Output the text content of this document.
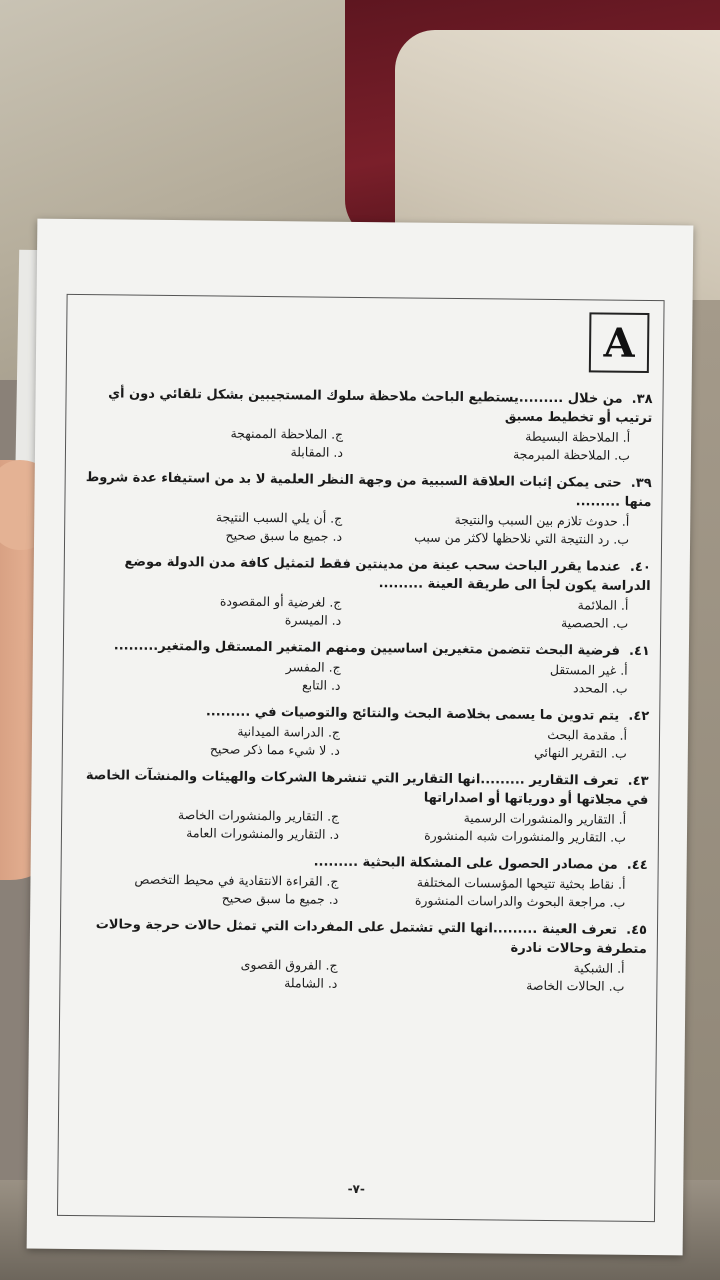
A
٣٨.من خلال .........يستطيع الباحث ملاحظة سلوك المستجيبين بشكل تلقائي دون أي ترتيب أو تخطيط مسبق
أ. الملاحظة البسيطة
ج. الملاحظة الممنهجة
ب. الملاحظة المبرمجة
د. المقابلة
٣٩.حتى يمكن إثبات العلاقة السببية من وجهة النظر العلمية لا بد من استيفاء عدة شروط منها .........
أ. حدوث تلازم بين السبب والنتيجة
ج. أن يلي السبب النتيجة
ب. رد النتيجة التي نلاحظها لاكثر من سبب
د. جميع ما سبق صحيح
٤٠.عندما يقرر الباحث سحب عينة من مدينتين فقط لتمثيل كافة مدن الدولة موضع الدراسة يكون لجأ الى طريقة العينة .........
أ. الملائمة
ج. لغرضية أو المقصودة
ب. الحصصية
د. الميسرة
٤١.فرضية البحث تتضمن متغيرين اساسيين ومنهم المتغير المستقل والمتغير.........
أ. غير المستقل
ج. المفسر
ب. المحدد
د. التابع
٤٢.يتم تدوين ما يسمى بخلاصة البحث والنتائج والتوصيات في .........
أ. مقدمة البحث
ج. الدراسة الميدانية
ب. التقرير النهائي
د. لا شيء مما ذكر صحيح
٤٣.تعرف التقارير .........انها التقارير التي تنشرها الشركات والهيئات والمنشآت الخاصة في مجلاتها أو دورياتها أو اصداراتها
أ. التقارير والمنشورات الرسمية
ج. التقارير والمنشورات الخاصة
ب. التقارير والمنشورات شبه المنشورة
د. التقارير والمنشورات العامة
٤٤.من مصادر الحصول على المشكلة البحثية .........
أ. نقاط بحثية تتيحها المؤسسات المختلفة
ج. القراءة الانتقادية في محيط التخصص
ب. مراجعة البحوث والدراسات المنشورة
د. جميع ما سبق صحيح
٤٥.تعرف العينة .........انها التي تشتمل على المفردات التي تمثل حالات حرجة وحالات متطرفة وحالات نادرة
أ. الشبكية
ج. الفروق القصوى
ب. الحالات الخاصة
د. الشاملة
-٧-
